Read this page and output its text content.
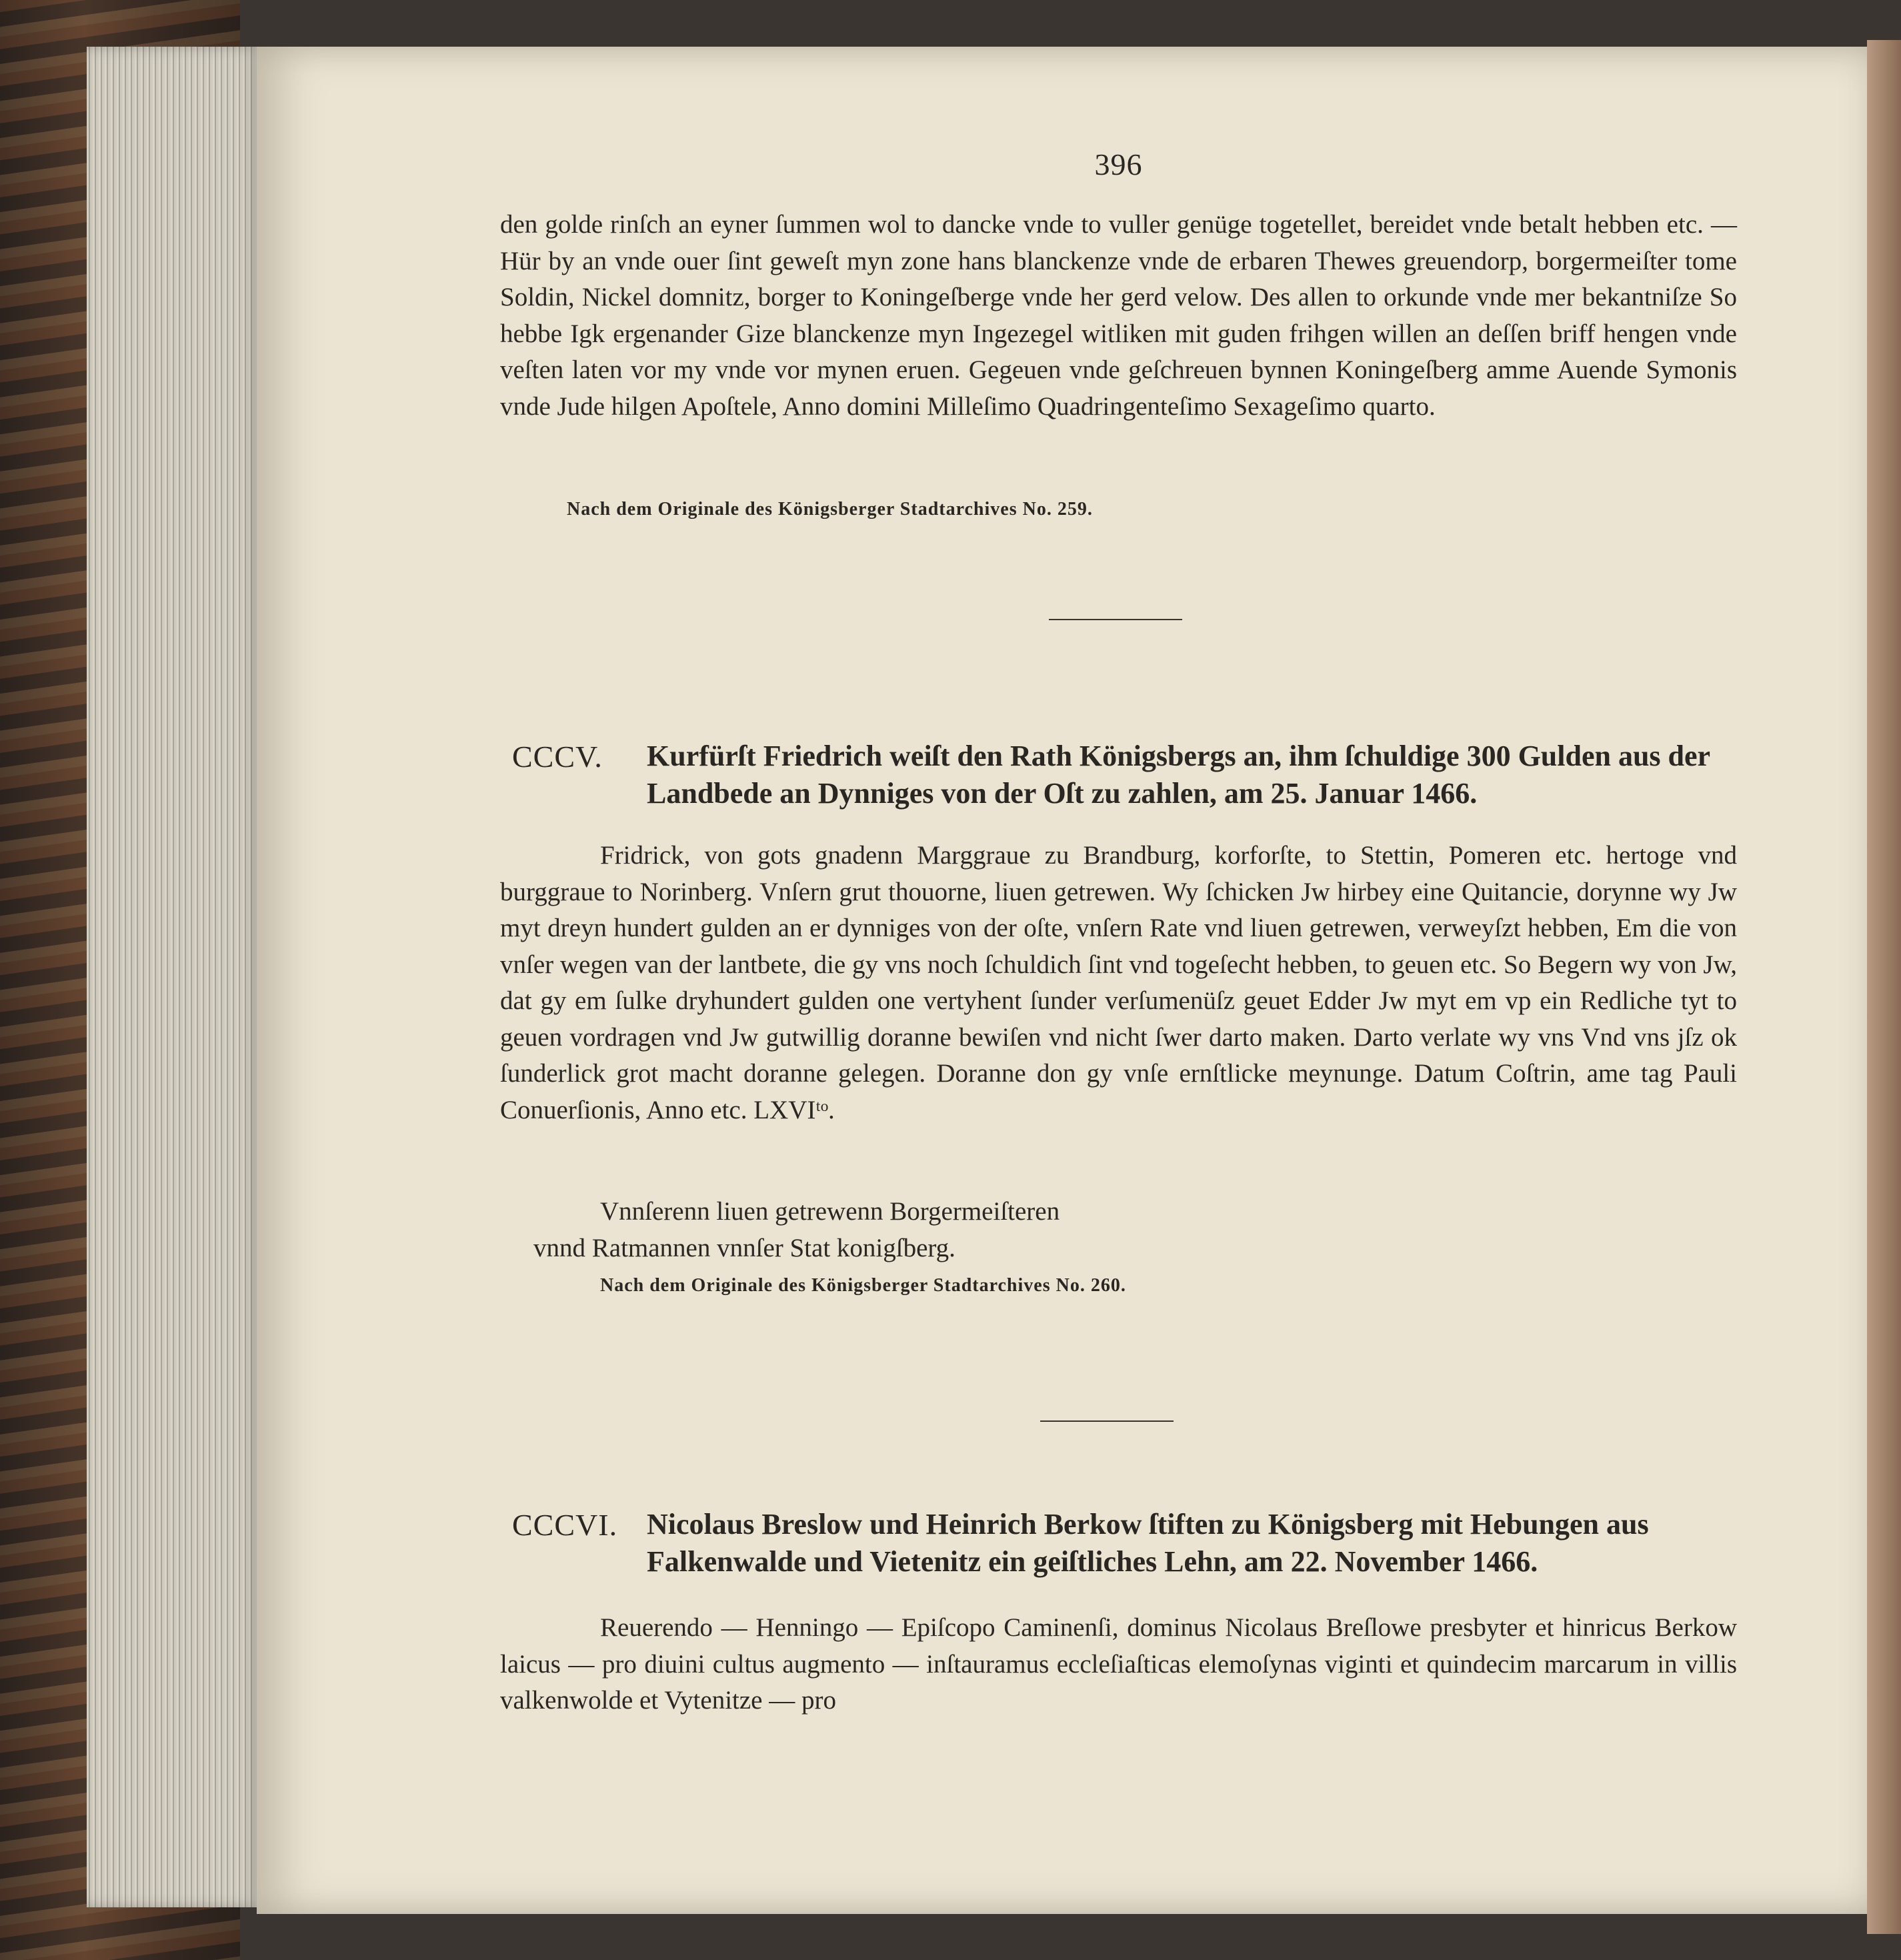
396
den golde rinſch an eyner ſummen wol to dancke vnde to vuller genüge togetellet, bereidet vnde betalt hebben etc. — Hür by an vnde ouer ſint geweſt myn zone hans blanckenze vnde de erbaren Thewes greuendorp, borgermeiſter tome Soldin, Nickel domnitz, borger to Koningeſberge vnde her gerd velow. Des allen to orkunde vnde mer bekantniſze So hebbe Igk ergenander Gize blanckenze myn Ingezegel witliken mit guden frihgen willen an deſſen briff hengen vnde veſten laten vor my vnde vor mynen eruen. Gegeuen vnde geſchreuen bynnen Koningeſberg amme Auende Symonis vnde Jude hilgen Apoſtele, Anno domini Milleſimo Quadringenteſimo Sexageſimo quarto.
Nach dem Originale des Königsberger Stadtarchives No. 259.
CCCV. Kurfürſt Friedrich weiſt den Rath Königsbergs an, ihm ſchuldige 300 Gulden aus der Landbede an Dynniges von der Oſt zu zahlen, am 25. Januar 1466.
Fridrick, von gots gnadenn Marggraue zu Brandburg, korforſte, to Stettin, Pomeren etc. hertoge vnd burggraue to Norinberg. Vnſern grut thouorne, liuen getrewen. Wy ſchicken Jw hirbey eine Quitancie, dorynne wy Jw myt dreyn hundert gulden an er dynniges von der oſte, vnſern Rate vnd liuen getrewen, verweyſzt hebben, Em die von vnſer wegen van der lantbete, die gy vns noch ſchuldich ſint vnd togeſecht hebben, to geuen etc. So Begern wy von Jw, dat gy em ſulke dryhundert gulden one vertyhent ſunder verſumenüſz geuet Edder Jw myt em vp ein Redliche tyt to geuen vordragen vnd Jw gutwillig doranne bewiſen vnd nicht ſwer darto maken. Darto verlate wy vns Vnd vns jſz ok ſunderlick grot macht doranne gelegen. Doranne don gy vnſe ernſtlicke meynunge. Datum Coſtrin, ame tag Pauli Conuerſionis, Anno etc. LXVIᵗᵒ.
Vnnſerenn liuen getrewenn Borgermeiſteren
vnnd Ratmannen vnnſer Stat konigſberg.
Nach dem Originale des Königsberger Stadtarchives No. 260.
CCCVI. Nicolaus Breslow und Heinrich Berkow ſtiften zu Königsberg mit Hebungen aus Falkenwalde und Vietenitz ein geiſtliches Lehn, am 22. November 1466.
Reuerendo — Henningo — Epiſcopo Caminenſi, dominus Nicolaus Breſlowe presbyter et hinricus Berkow laicus — pro diuini cultus augmento — inſtauramus eccleſiaſticas elemoſynas viginti et quindecim marcarum in villis valkenwolde et Vytenitze — pro
